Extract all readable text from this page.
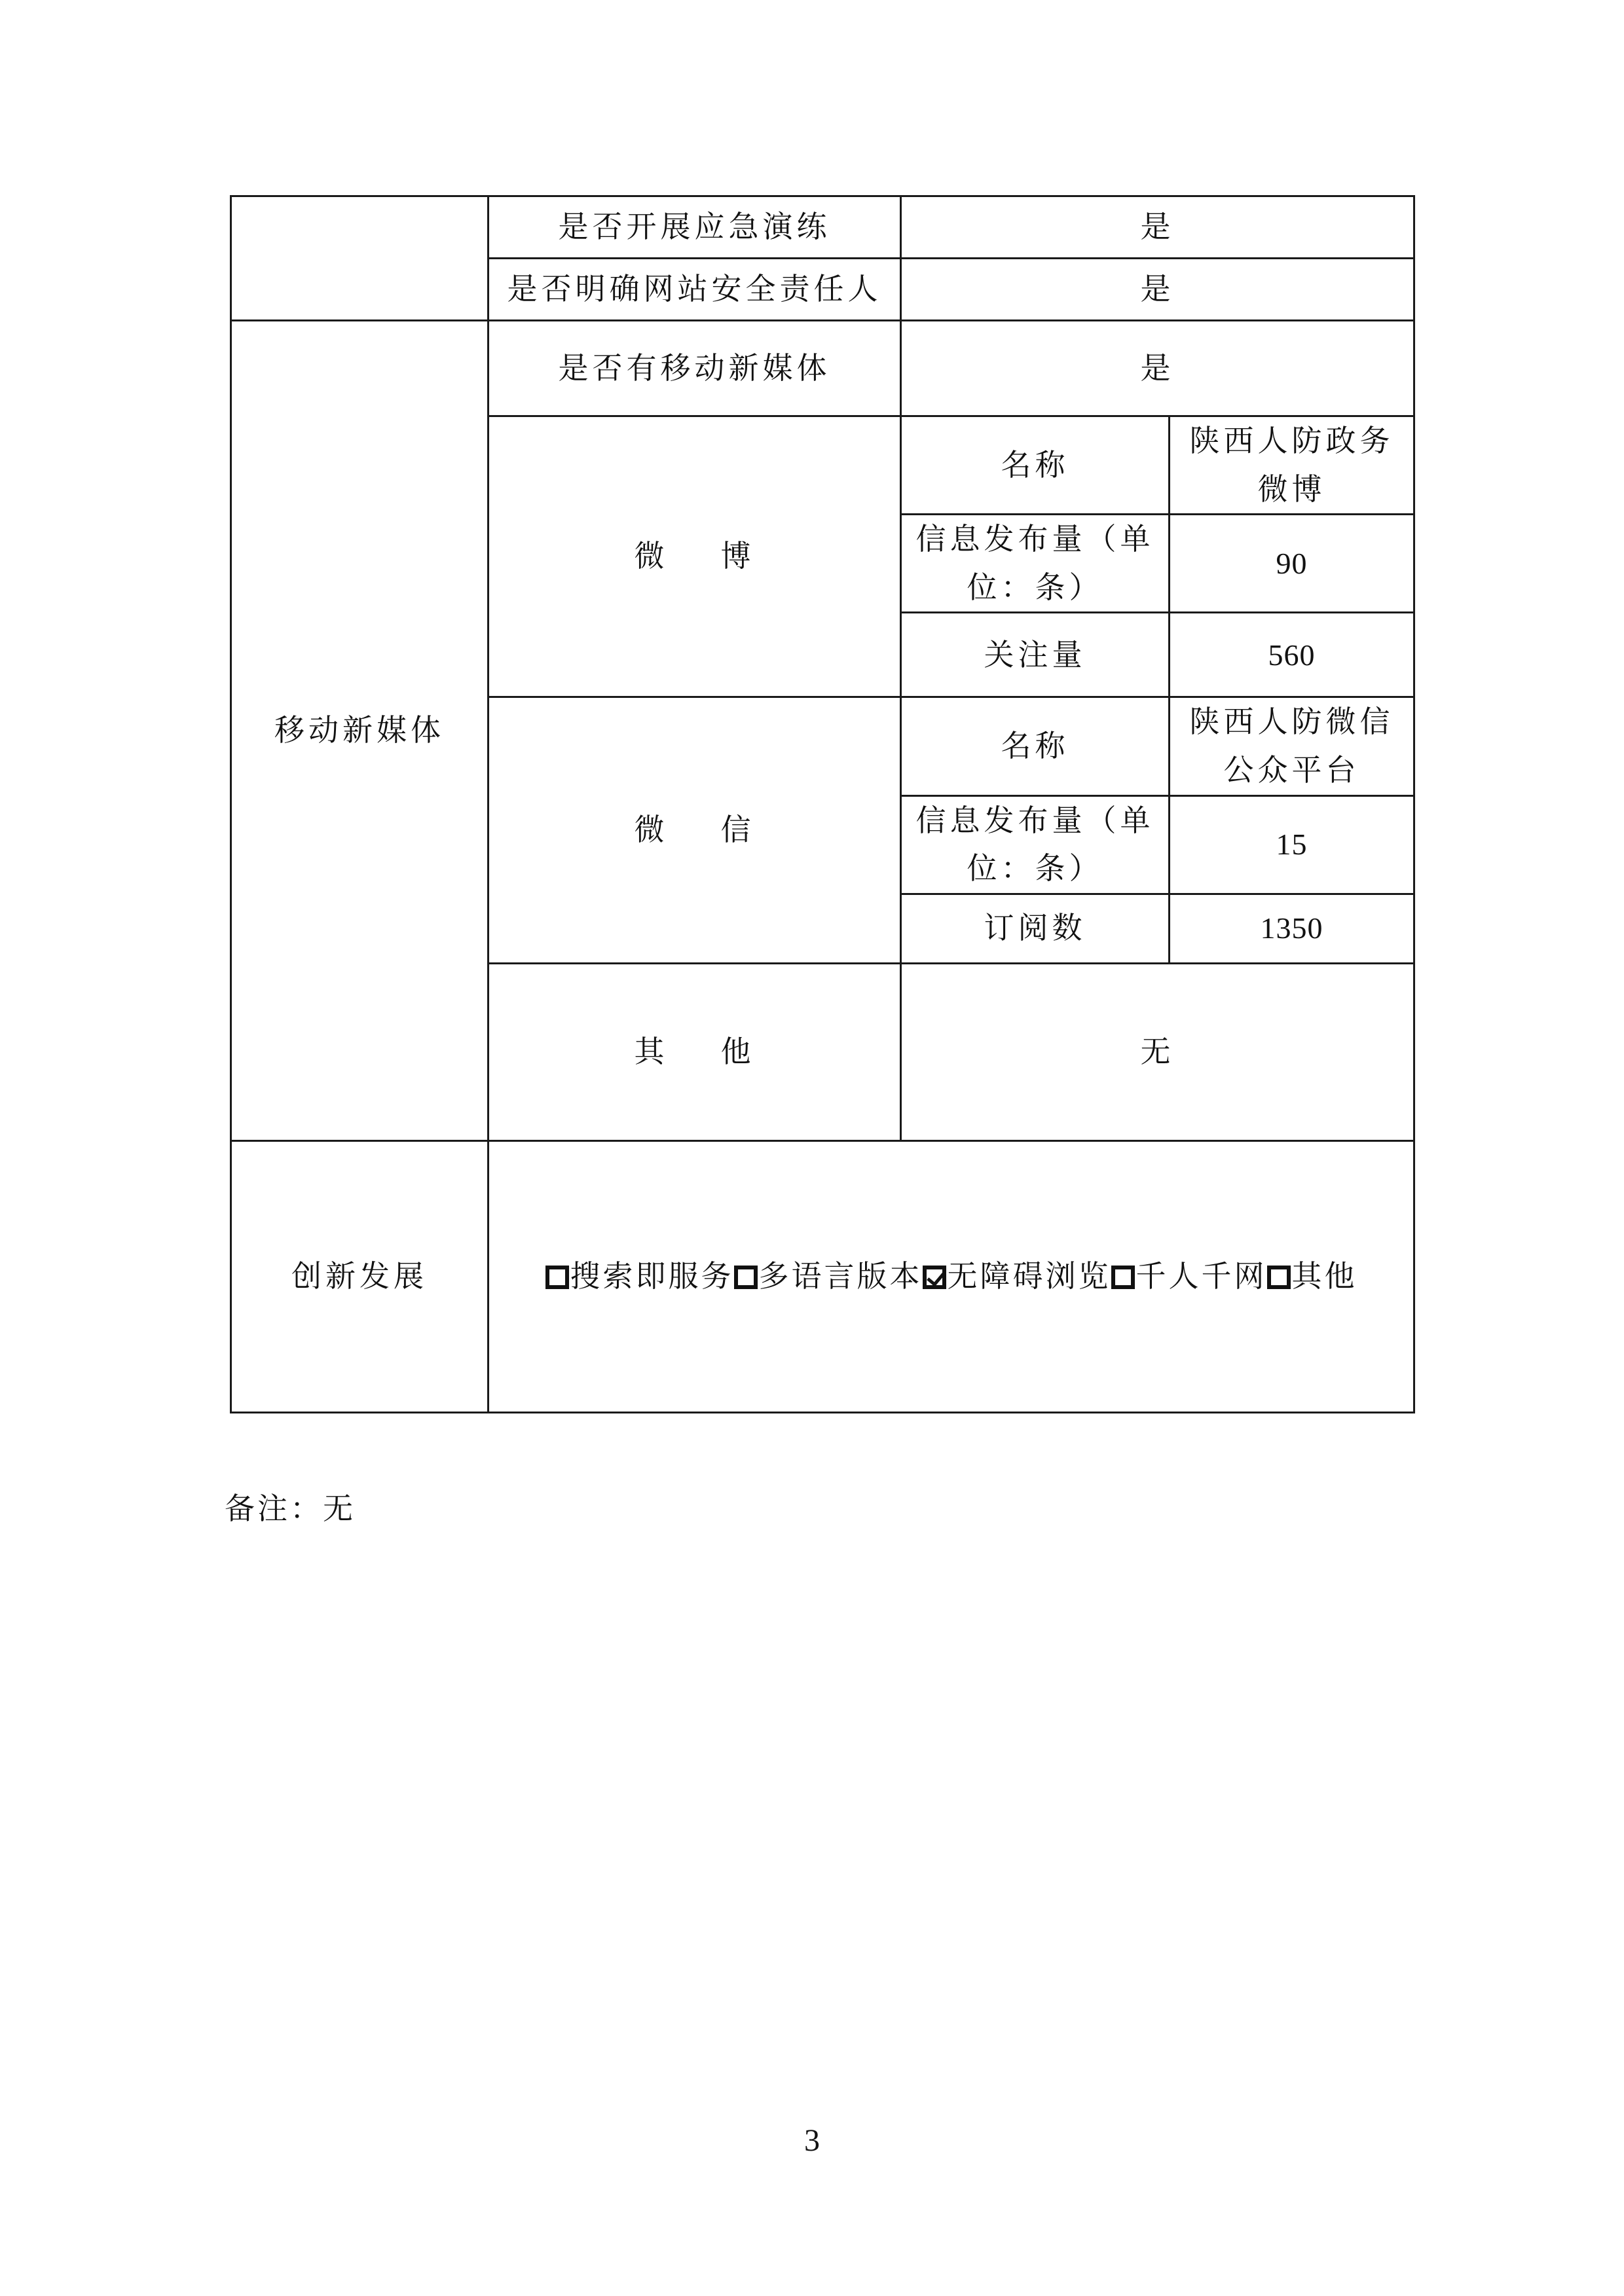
	是否开展应急演练	是	
	是否明确网站安全责任人	是	
移动新媒体	是否有移动新媒体	是	
	微 博	名称	陕西人防政务微博
		信息发布量（单位：条）	90
		关注量	560
	微 信	名称	陕西人防微信公众平台
		信息发布量（单位：条）	15
		订阅数	1350
	其 他	无	
创新发展	搜索即服务 多语言版本 无障碍浏览 千人千网 其他		
备注：无
3
